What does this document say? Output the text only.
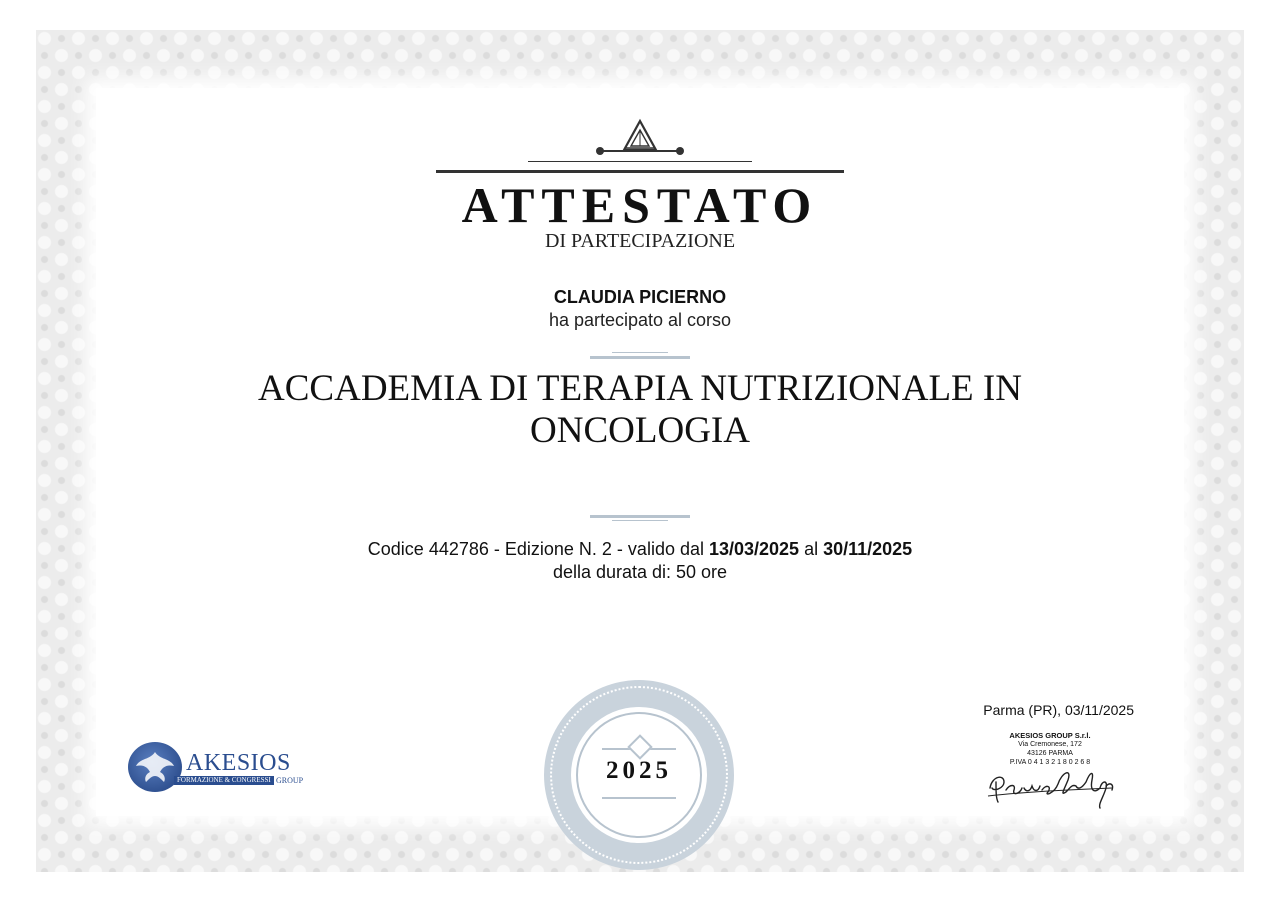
ATTESTATO
DI PARTECIPAZIONE
CLAUDIA PICIERNO
ha partecipato al corso
ACCADEMIA DI TERAPIA NUTRIZIONALE IN
ONCOLOGIA
Codice 442786 - Edizione N. 2 - valido dal 13/03/2025 al 30/11/2025
della durata di: 50 ore
2025
AKESIOS
FORMAZIONE & CONGRESSI GROUP
Parma (PR), 03/11/2025
AKESIOS GROUP S.r.l.
Via Cremonese, 172
43126 PARMA
P.IVA 0 4 1 3 2 1 8 0 2 6 8
